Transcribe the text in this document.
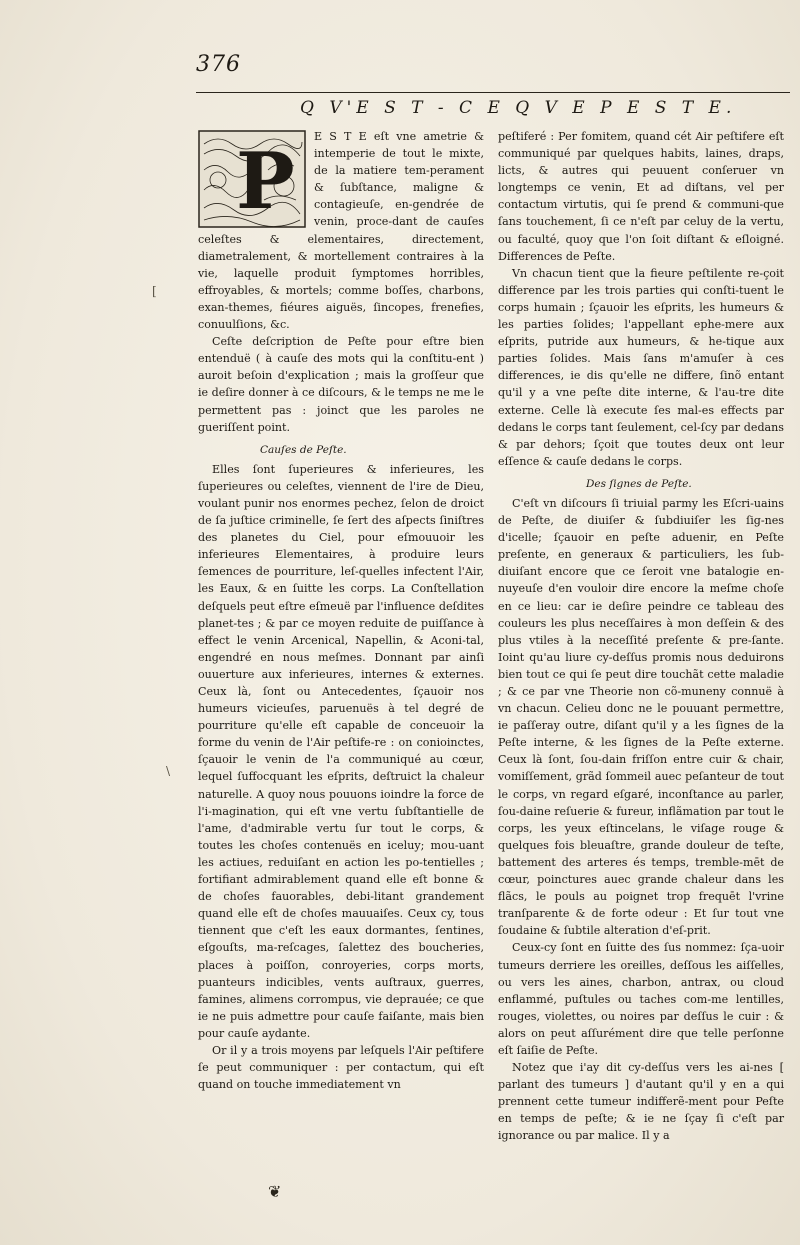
376
Q V'E S T - C E Q V E P E S T E.
[
\
P	E S T E eſt vne ametrie & intemperie de tout le mixte, de la matiere tem-perament & ſubſtance, maligne & contagieuſe, en-gendrée de venin, proce-dant de cauſes celeſtes & elementaires, directement, diametralement, & mortellement contraires à la vie, laquelle produit ſymptomes horribles, effroyables, & mortels; comme boſſes, charbons, exan-themes, fiéures aiguës, ſincopes, frenefies, conuulſions, &c.

Ceſte deſcription de Peſte pour eſtre bien entenduë ( à cauſe des mots qui la conſtitu-ent ) auroit beſoin d'explication ; mais la groſſeur que ie deſire donner à ce diſcours, & le temps ne me le permettent pas : joinct que les paroles ne gueriſſent point.

Cauſes de Peſte.

Elles ſont ſuperieures & inferieures, les ſuperieures ou celeſtes, viennent de l'ire de Dieu, voulant punir nos enormes pechez, ſelon de droict de ſa juſtice criminelle, ſe ſert des aſpects ſiniſtres des planetes du Ciel, pour eſmouuoir les inferieures Elementaires, à produire leurs ſemences de pourriture, leſ-quelles infectent l'Air, les Eaux, & en ſuitte les corps. La Conſtellation deſquels peut eſtre eſmeuë par l'influence deſdites planet-tes ; & par ce moyen reduite de puiſſance à effect le venin Arcenical, Napellin, & Aconi-tal, engendré en nous meſmes. Donnant par ainſi ouuerture aux inferieures, internes & externes. Ceux là, ſont ou Antecedentes, ſçauoir nos humeurs vicieuſes, paruenuës à tel degré de pourriture qu'elle eſt capable de conceuoir la forme du venin de l'Air peſtife-re : on conioinctes, ſçauoir le venin de l'a communiqué au cœur, lequel ſuffocquant les eſprits, deſtruict la chaleur naturelle. A quoy nous pouuons ioindre la force de l'i-magination, qui eſt vne vertu ſubſtantielle de l'ame, d'admirable vertu ſur tout le corps, & toutes les choſes contenuës en iceluy; mou-uant les actiues, reduiſant en action les po-tentielles ; fortifiant admirablement quand elle eſt bonne & de choſes fauorables, debi-litant grandement quand elle eſt de choſes mauuaiſes. Ceux cy, tous tiennent que c'eſt les eaux dormantes, ſentines, eſgouſts, ma-reſcages, ſalettez des boucheries, places à poiſſon, conroyeries, corps morts, puanteurs indicibles, vents auſtraux, guerres, famines, alimens corrompus, vie deprauée; ce que ie ne puis admettre pour cauſe faiſante, mais bien pour cauſe aydante.

Or il y a trois moyens par leſquels l'Air peſtifere ſe peut communiquer : per contactum, qui eſt quand on touche immediatement vn

peſtiferé : Per fomitem, quand cét Air peſtifere eſt communiqué par quelques habits, laines, draps, licts, & autres qui peuuent conſeruer vn longtemps ce venin, Et ad diſtans, vel per contactum virtutis, qui ſe prend & communi-que ſans touchement, ſi ce n'eſt par celuy de la vertu, ou faculté, quoy que l'on ſoit diſtant & eſloigné. Differences de Peſte.

Vn chacun tient que la fieure peſtilente re-çoit difference par les trois parties qui conſti-tuent le corps humain ; ſçauoir les eſprits, les humeurs & les parties ſolides; l'appellant ephe-mere aux eſprits, putride aux humeurs, & he-tique aux parties ſolides. Mais ſans m'amuſer à ces differences, ie dis qu'elle ne differe, ſinõ entant qu'il y a vne peſte dite interne, & l'au-tre dite externe. Celle là execute ſes mal-es effects par dedans le corps tant ſeulement, cel-ſcy par dedans & par dehors; ſçoit que toutes deux ont leur eſſence & cauſe dedans le corps.

Des ſignes de Peſte.

C'eſt vn diſcours ſi triuial parmy les Eſcri-uains de Peſte, de diuiſer & ſubdiuiſer les ſig-nes d'icelle; ſçauoir en peſte aduenir, en Peſte preſente, en generaux & particuliers, les ſub-diuiſant encore que ce ſeroit vne batalogie en-nuyeuſe d'en vouloir dire encore la meſme choſe en ce lieu: car ie deſire peindre ce tableau des couleurs les plus neceſſaires à mon deſſein & des plus vtiles à la neceſſité preſente & pre-ſante. Ioint qu'au liure cy-deſſus promis nous deduirons bien tout ce qui ſe peut dire touchãt cette maladie ; & ce par vne Theorie non cõ-muneny connuë à vn chacun. Celieu donc ne le pouuant permettre, ie paſſeray outre, diſant qu'il y a les ſignes de la Peſte interne, & les ſignes de la Peſte externe. Ceux là ſont, ſou-dain friſſon entre cuir & chair, vomiſſement, grãd ſommeil auec peſanteur de tout le corps, vn regard eſgaré, inconſtance au parler, ſou-daine reſuerie & fureur, inflãmation par tout le corps, les yeux eſtincelans, le viſage rouge & quelques fois bleuaſtre, grande douleur de teſte, battement des arteres és temps, tremble-mēt de cœur, poinctures auec grande chaleur dans les flãcs, le pouls au poignet trop frequēt l'vrine tranſparente & de forte odeur : Et ſur tout vne ſoudaine & ſubtile alteration d'eſ-prit.

Ceux-cy ſont en ſuitte des ſus nommez: ſça-uoir tumeurs derriere les oreilles, deſſous les aiſſelles, ou vers les aines, charbon, antrax, ou cloud enflammé, puſtules ou taches com-me lentilles, rouges, violettes, ou noires par deſſus le cuir : & alors on peut aſſurément dire que telle perſonne eſt ſaiſie de Peſte.

Notez que i'ay dit cy-deſſus vers les ai-nes [ parlant des tumeurs ] d'autant qu'il y en a qui prennent cette tumeur indifferẽ-ment pour Peſte en temps de peſte; & ie ne ſçay ſi c'eſt par ignorance ou par malice. Il y a

❦
